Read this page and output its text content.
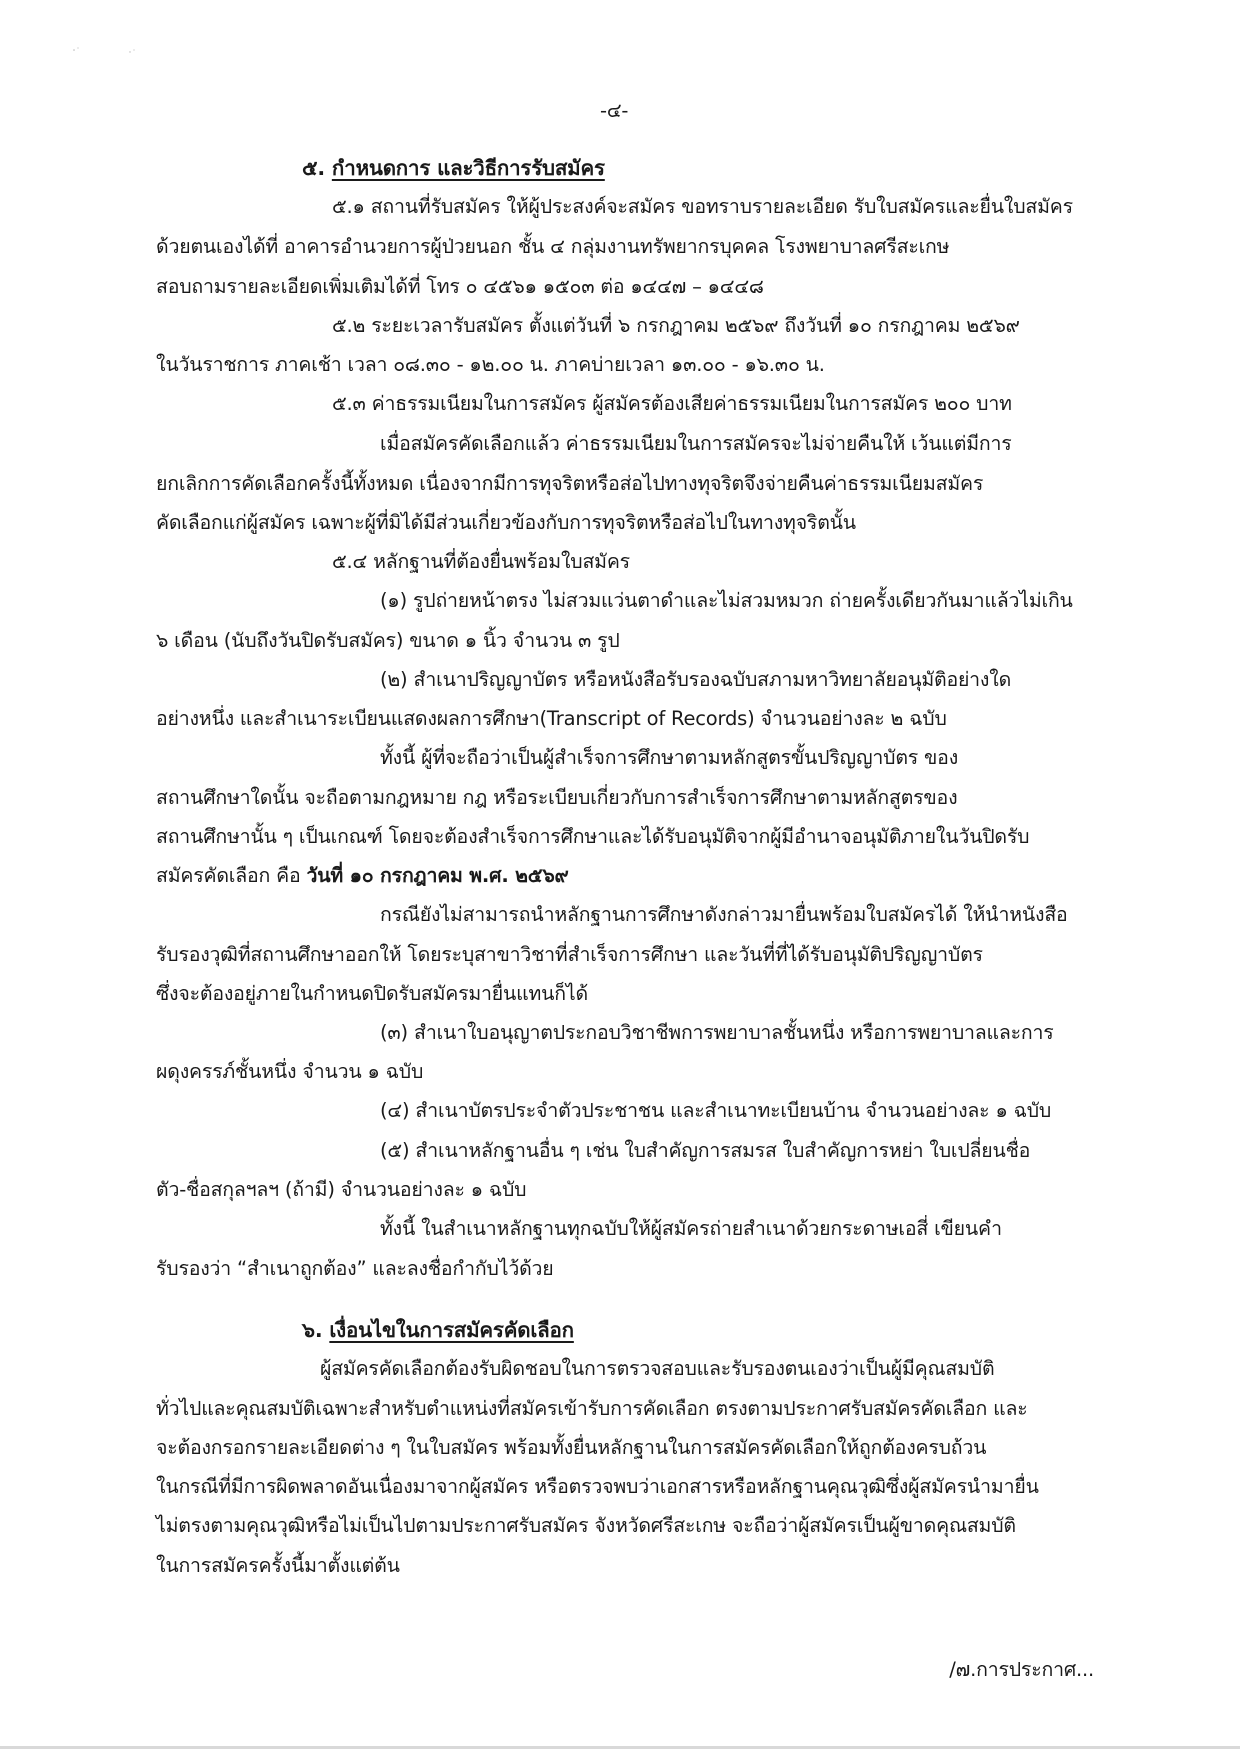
-๔-

๕. กำหนดการ และวิธีการรับสมัคร

๕.๑ สถานที่รับสมัคร ให้ผู้ประสงค์จะสมัคร ขอทราบรายละเอียด รับใบสมัครและยื่นใบสมัคร

ด้วยตนเองได้ที่ อาคารอำนวยการผู้ป่วยนอก ชั้น ๔ กลุ่มงานทรัพยากรบุคคล โรงพยาบาลศรีสะเกษ

สอบถามรายละเอียดเพิ่มเติมได้ที่ โทร ๐ ๔๕๖๑ ๑๕๐๓ ต่อ ๑๔๔๗ – ๑๔๔๘

๕.๒ ระยะเวลารับสมัคร ตั้งแต่วันที่ ๖ กรกฎาคม ๒๕๖๙ ถึงวันที่ ๑๐ กรกฎาคม ๒๕๖๙

ในวันราชการ ภาคเช้า เวลา ๐๘.๓๐ - ๑๒.๐๐ น. ภาคบ่ายเวลา ๑๓.๐๐ - ๑๖.๓๐ น.

๕.๓ ค่าธรรมเนียมในการสมัคร ผู้สมัครต้องเสียค่าธรรมเนียมในการสมัคร ๒๐๐ บาท

เมื่อสมัครคัดเลือกแล้ว ค่าธรรมเนียมในการสมัครจะไม่จ่ายคืนให้ เว้นแต่มีการ

ยกเลิกการคัดเลือกครั้งนี้ทั้งหมด เนื่องจากมีการทุจริตหรือส่อไปทางทุจริตจึงจ่ายคืนค่าธรรมเนียมสมัคร

คัดเลือกแก่ผู้สมัคร เฉพาะผู้ที่มิได้มีส่วนเกี่ยวข้องกับการทุจริตหรือส่อไปในทางทุจริตนั้น

๕.๔ หลักฐานที่ต้องยื่นพร้อมใบสมัคร

(๑) รูปถ่ายหน้าตรง ไม่สวมแว่นตาดำและไม่สวมหมวก ถ่ายครั้งเดียวกันมาแล้วไม่เกิน

๖ เดือน (นับถึงวันปิดรับสมัคร) ขนาด ๑ นิ้ว จำนวน ๓ รูป

(๒) สำเนาปริญญาบัตร หรือหนังสือรับรองฉบับสภามหาวิทยาลัยอนุมัติอย่างใด

อย่างหนึ่ง และสำเนาระเบียนแสดงผลการศึกษา(Transcript of Records) จำนวนอย่างละ ๒ ฉบับ

ทั้งนี้ ผู้ที่จะถือว่าเป็นผู้สำเร็จการศึกษาตามหลักสูตรขั้นปริญญาบัตร ของ

สถานศึกษาใดนั้น จะถือตามกฎหมาย กฎ หรือระเบียบเกี่ยวกับการสำเร็จการศึกษาตามหลักสูตรของ

สถานศึกษานั้น ๆ เป็นเกณฑ์ โดยจะต้องสำเร็จการศึกษาและได้รับอนุมัติจากผู้มีอำนาจอนุมัติภายในวันปิดรับ

สมัครคัดเลือก คือ วันที่ ๑๐ กรกฎาคม พ.ศ. ๒๕๖๙

กรณียังไม่สามารถนำหลักฐานการศึกษาดังกล่าวมายื่นพร้อมใบสมัครได้ ให้นำหนังสือ

รับรองวุฒิที่สถานศึกษาออกให้ โดยระบุสาขาวิชาที่สำเร็จการศึกษา และวันที่ที่ได้รับอนุมัติปริญญาบัตร

ซึ่งจะต้องอยู่ภายในกำหนดปิดรับสมัครมายื่นแทนก็ได้

(๓) สำเนาใบอนุญาตประกอบวิชาชีพการพยาบาลชั้นหนึ่ง หรือการพยาบาลและการ

ผดุงครรภ์ชั้นหนึ่ง จำนวน ๑ ฉบับ

(๔) สำเนาบัตรประจำตัวประชาชน และสำเนาทะเบียนบ้าน จำนวนอย่างละ ๑ ฉบับ

(๕) สำเนาหลักฐานอื่น ๆ เช่น ใบสำคัญการสมรส ใบสำคัญการหย่า ใบเปลี่ยนชื่อ

ตัว-ชื่อสกุลฯลฯ (ถ้ามี) จำนวนอย่างละ ๑ ฉบับ

ทั้งนี้ ในสำเนาหลักฐานทุกฉบับให้ผู้สมัครถ่ายสำเนาด้วยกระดาษเอสี่ เขียนคำ

รับรองว่า “สำเนาถูกต้อง” และลงชื่อกำกับไว้ด้วย

๖. เงื่อนไขในการสมัครคัดเลือก

ผู้สมัครคัดเลือกต้องรับผิดชอบในการตรวจสอบและรับรองตนเองว่าเป็นผู้มีคุณสมบัติ

ทั่วไปและคุณสมบัติเฉพาะสำหรับตำแหน่งที่สมัครเข้ารับการคัดเลือก ตรงตามประกาศรับสมัครคัดเลือก และ

จะต้องกรอกรายละเอียดต่าง ๆ ในใบสมัคร พร้อมทั้งยื่นหลักฐานในการสมัครคัดเลือกให้ถูกต้องครบถ้วน

ในกรณีที่มีการผิดพลาดอันเนื่องมาจากผู้สมัคร หรือตรวจพบว่าเอกสารหรือหลักฐานคุณวุฒิซึ่งผู้สมัครนำมายื่น

ไม่ตรงตามคุณวุฒิหรือไม่เป็นไปตามประกาศรับสมัคร จังหวัดศรีสะเกษ จะถือว่าผู้สมัครเป็นผู้ขาดคุณสมบัติ

ในการสมัครครั้งนี้มาตั้งแต่ต้น

/๗.การประกาศ...
